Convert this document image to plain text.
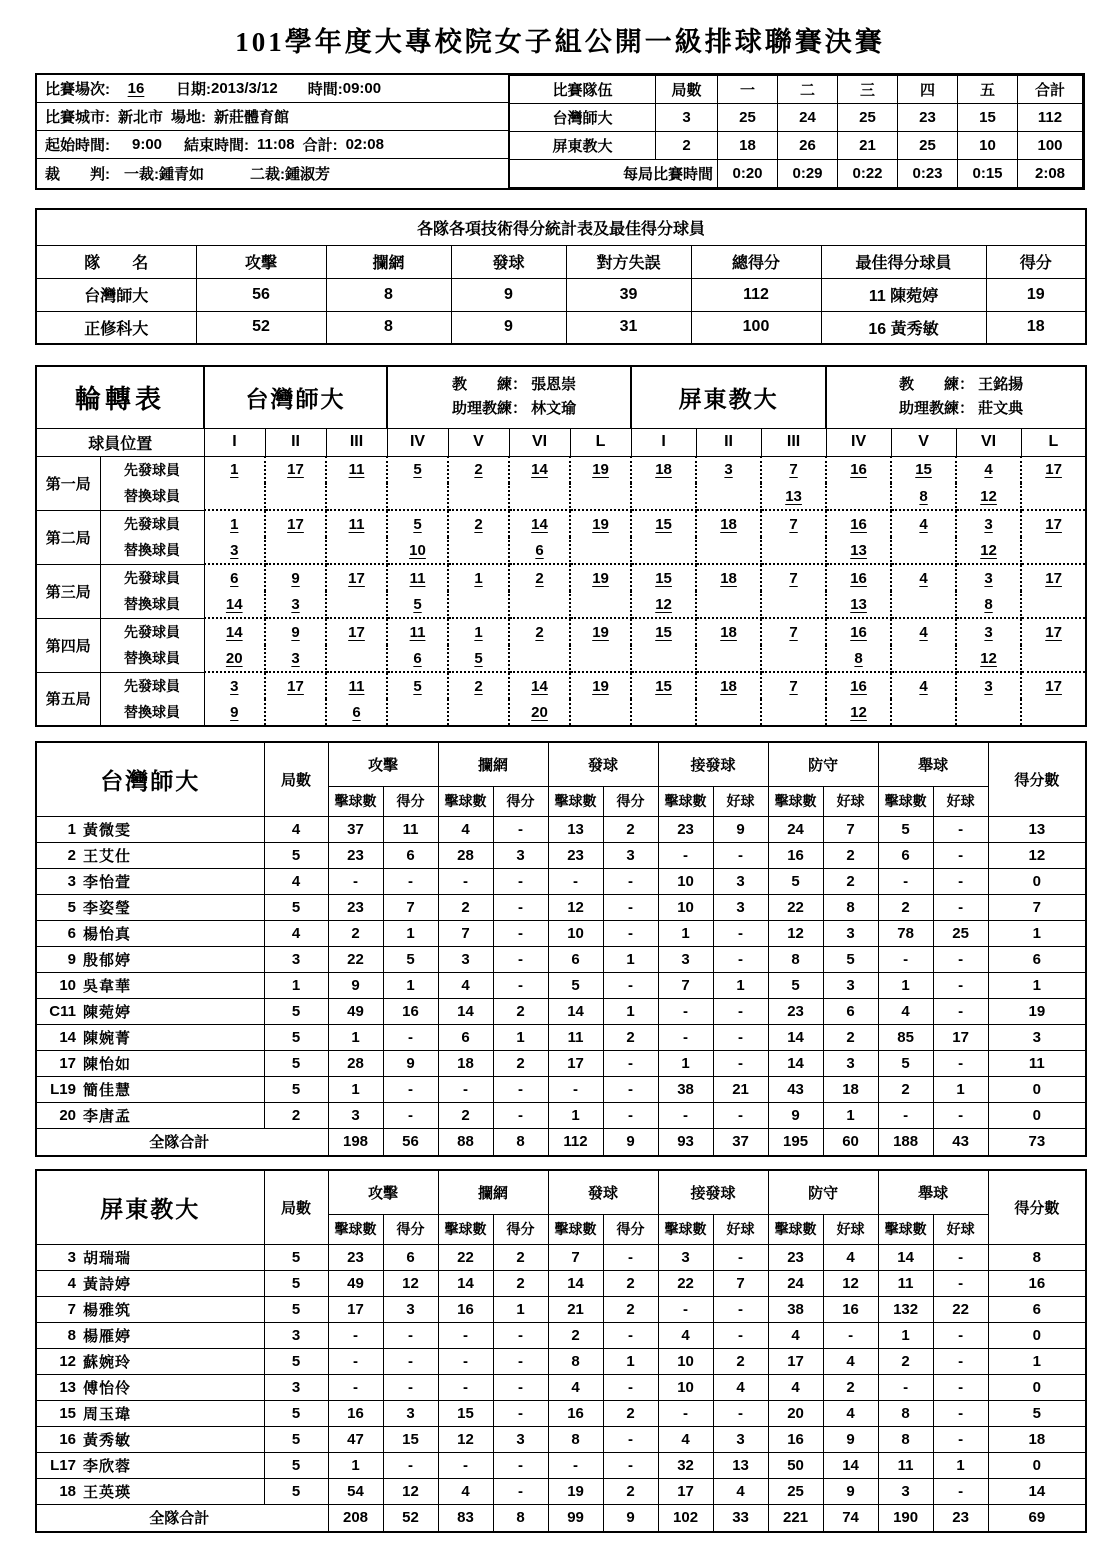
101學年度大專校院女子組公開一級排球聯賽決賽
比賽場次:	16	日期: 2013/3/12 時間: 09:00
比賽城市: 新北市 場地: 新莊體育館
起始時間: 9:00 結束時間: 11:08 合計: 02:08
裁　　判: 一裁: 鍾青如	二裁: 鍾淑芳
比賽隊伍	局數	一	二	三	四	五	合計
台灣師大	3	25	24	25	23	15	112
屏東教大	2	18	26	21	25	10	100
每局比賽時間		0:20	0:29	0:22	0:23	0:15	2:08
各隊各項技術得分統計表及最佳得分球員							
隊　　名	攻擊	攔網	發球	對方失誤	總得分	最佳得分球員	得分
台灣師大	56	8	9	39	112	11 陳菀婷	19
正修科大	52	8	9	31	100	16 黃秀敏	18
輪轉表	台灣師大	
教　　練： 張恩崇
助理教練： 林文瑜	屏東教大	
教　　練： 王銘揚
助理教練： 莊文典

球員位置		I	II	III	IV	V	VI	L	I	II	III	IV	V	VI	L
第一局	先發球員	1	17	11	5	2	14	19	18	3	7	16	15	4	17
	替換球員										13		8	12	
第二局	先發球員	1	17	11	5	2	14	19	15	18	7	16	4	3	17
	替換球員	3			10		6					13		12	
第三局	先發球員	6	9	17	11	1	2	19	15	18	7	16	4	3	17
	替換球員	14	3		5				12			13		8	
第四局	先發球員	14	9	17	11	1	2	19	15	18	7	16	4	3	17
	替換球員	20	3		6	5						8		12	
第五局	先發球員	3	17	11	5	2	14	19	15	18	7	16	4	3	17
	替換球員	9		6			20					12			
台灣師大	局數	攻擊		攔網		發球		接發球		防守		舉球		得分數
		擊球數	得分	擊球數	得分	擊球數	得分	擊球數	好球	擊球數	好球	擊球數	好球	

1 黃微雯	4	37	11	4	-	13	2	23	9	24	7	5	-	13

2 王艾仕	5	23	6	28	3	23	3	-	-	16	2	6	-	12

3 李怡萱	4	-	-	-	-	-	-	10	3	5	2	-	-	0

5 李姿瑩	5	23	7	2	-	12	-	10	3	22	8	2	-	7

6 楊怡真	4	2	1	7	-	10	-	1	-	12	3	78	25	1

9 殷郁婷	3	22	5	3	-	6	1	3	-	8	5	-	-	6

10 吳韋華	1	9	1	4	-	5	-	7	1	5	3	1	-	1

C11 陳菀婷	5	49	16	14	2	14	1	-	-	23	6	4	-	19

14 陳婉菁	5	1	-	6	1	11	2	-	-	14	2	85	17	3

17 陳怡如	5	28	9	18	2	17	-	1	-	14	3	5	-	11

L19 簡佳慧	5	1	-	-	-	-	-	38	21	43	18	2	1	0

20 李唐孟	2	3	-	2	-	1	-	-	-	9	1	-	-	0
全隊合計		198	56	88	8	112	9	93	37	195	60	188	43	73
屏東教大	局數	攻擊		攔網		發球		接發球		防守		舉球		得分數
		擊球數	得分	擊球數	得分	擊球數	得分	擊球數	好球	擊球數	好球	擊球數	好球	

3 胡瑞瑞	5	23	6	22	2	7	-	3	-	23	4	14	-	8

4 黃詩婷	5	49	12	14	2	14	2	22	7	24	12	11	-	16

7 楊雅筑	5	17	3	16	1	21	2	-	-	38	16	132	22	6

8 楊雁婷	3	-	-	-	-	2	-	4	-	4	-	1	-	0

12 蘇婉玲	5	-	-	-	-	8	1	10	2	17	4	2	-	1

13 傅怡伶	3	-	-	-	-	4	-	10	4	4	2	-	-	0

15 周玉瑋	5	16	3	15	-	16	2	-	-	20	4	8	-	5

16 黃秀敏	5	47	15	12	3	8	-	4	3	16	9	8	-	18

L17 李欣蓉	5	1	-	-	-	-	-	32	13	50	14	11	1	0

18 王英瑛	5	54	12	4	-	19	2	17	4	25	9	3	-	14
全隊合計		208	52	83	8	99	9	102	33	221	74	190	23	69
